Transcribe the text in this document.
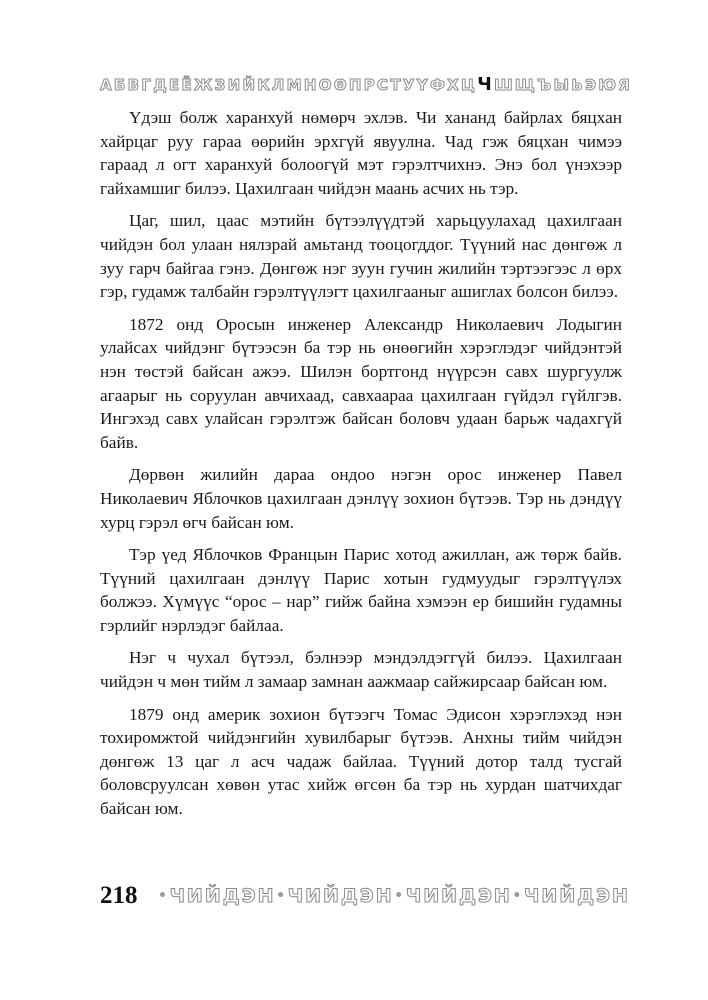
А Б В Г Д Е Ё Ж З И Й К Л М Н О Ө П Р С Т У Ү Ф Х Ц Ч Ш Щ Ъ Ы Ь Э Ю Я

Үдэш болж харанхуй нөмөрч эхлэв. Чи хананд байрлах бяцхан хайрцаг руу гараа өөрийн эрхгүй явуулна. Чад гэж бяцхан чимээ гараад л огт харанхуй болоогүй мэт гэрэлтчихнэ. Энэ бол үнэхээр гайхамшиг билээ. Цахилгаан чийдэн маань асчих нь тэр.

Цаг, шил, цаас мэтийн бүтээлүүдтэй харьцуулахад цахилгаан чийдэн бол улаан нялзрай амьтанд тооцогддог. Түүний нас дөнгөж л зуу гарч байгаа гэнэ. Дөнгөж нэг зуун гучин жилийн тэртээгээс л өрх гэр, гудамж талбайн гэрэлтүүлэгт цахилгааныг ашиглах болсон билээ.

1872 онд Оросын инженер Александр Николаевич Лодыгин улайсах чийдэнг бүтээсэн ба тэр нь өнөөгийн хэрэглэдэг чийдэнтэй нэн төстэй байсан ажээ. Шилэн бортгонд нүүрсэн савх шургуулж агаарыг нь соруулан авчихаад, савхаараа цахилгаан гүйдэл гүйлгэв. Ингэхэд савх улайсан гэрэлтэж байсан боловч удаан барьж чадахгүй байв.

Дөрвөн жилийн дараа ондоо нэгэн орос инженер Павел Николаевич Яблочков цахилгаан дэнлүү зохион бүтээв. Тэр нь дэндүү хурц гэрэл өгч байсан юм.

Тэр үед Яблочков Францын Парис хотод ажиллан, аж төрж байв. Түүний цахилгаан дэнлүү Парис хотын гудмуудыг гэрэлтүүлэх болжээ. Хүмүүс “орос – нар” гийж байна хэмээн ер бишийн гудамны гэрлийг нэрлэдэг байлаа.

Нэг ч чухал бүтээл, бэлнээр мэндэлдэггүй билээ. Цахилгаан чийдэн ч мөн тийм л замаар замнан аажмаар сайжирсаар байсан юм.

1879 онд америк зохион бүтээгч Томас Эдисон хэрэглэхэд нэн тохиромжтой чийдэнгийн хувилбарыг бүтээв. Анхны тийм чийдэн дөнгөж 13 цаг л асч чадаж байлаа. Түүний дотор талд тусгай боловсруулсан хөвөн утас хийж өгсөн ба тэр нь хурдан шатчихдаг байсан юм.

218	• ЧИЙДЭН • ЧИЙДЭН • ЧИЙДЭН • ЧИЙДЭН
